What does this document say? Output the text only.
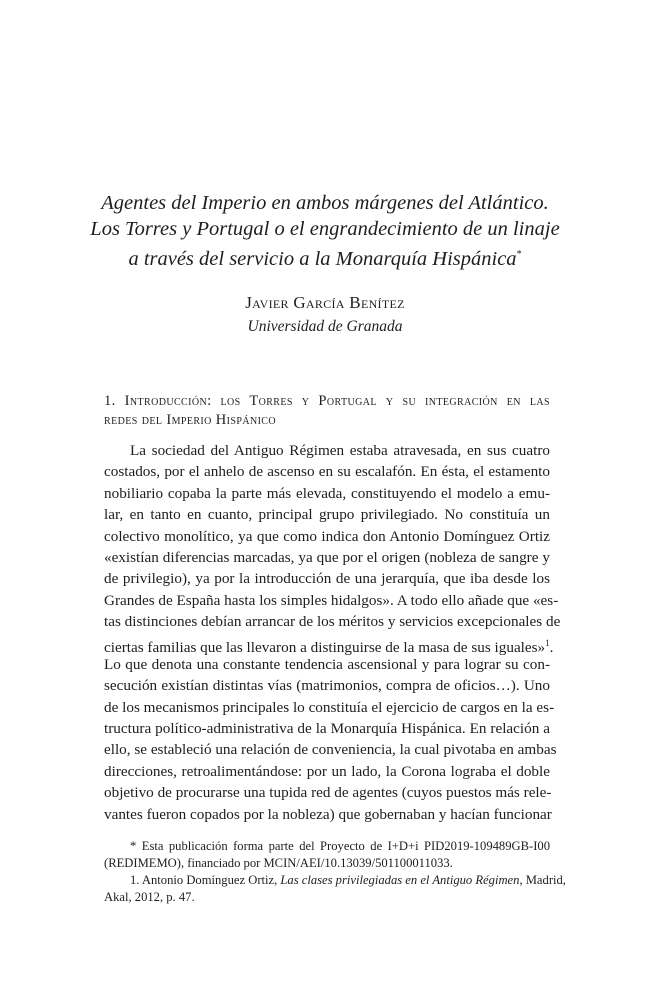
Agentes del Imperio en ambos márgenes del Atlántico.
Los Torres y Portugal o el engrandecimiento de un linaje
a través del servicio a la Monarquía Hispánica*
Javier García Benítez
Universidad de Granada
1. Introducción: los Torres y Portugal y su integración en las
redes del Imperio Hispánico
La sociedad del Antiguo Régimen estaba atravesada, en sus cuatro
costados, por el anhelo de ascenso en su escalafón. En ésta, el estamento
nobiliario copaba la parte más elevada, constituyendo el modelo a emu-
lar, en tanto en cuanto, principal grupo privilegiado. No constituía un
colectivo monolítico, ya que como indica don Antonio Domínguez Ortiz
«existían diferencias marcadas, ya que por el origen (nobleza de sangre y
de privilegio), ya por la introducción de una jerarquía, que iba desde los
Grandes de España hasta los simples hidalgos». A todo ello añade que «es-
tas distinciones debían arrancar de los méritos y servicios excepcionales de
ciertas familias que las llevaron a distinguirse de la masa de sus iguales»$^1$.
Lo que denota una constante tendencia ascensional y para lograr su con-
secución existían distintas vías (matrimonios, compra de oficios…). Uno
de los mecanismos principales lo constituía el ejercicio de cargos en la es-
tructura político-administrativa de la Monarquía Hispánica. En relación a
ello, se estableció una relación de conveniencia, la cual pivotaba en ambas
direcciones, retroalimentándose: por un lado, la Corona lograba el doble
objetivo de procurarse una tupida red de agentes (cuyos puestos más rele-
vantes fueron copados por la nobleza) que gobernaban y hacían funcionar
* Esta publicación forma parte del Proyecto de I+D+i PID2019-109489GB-I00
(REDIMEMO), financiado por MCIN/AEI/10.13039/501100011033.
1. Antonio Domínguez Ortiz, Las clases privilegiadas en el Antiguo Régimen, Madrid,
Akal, 2012, p. 47.
